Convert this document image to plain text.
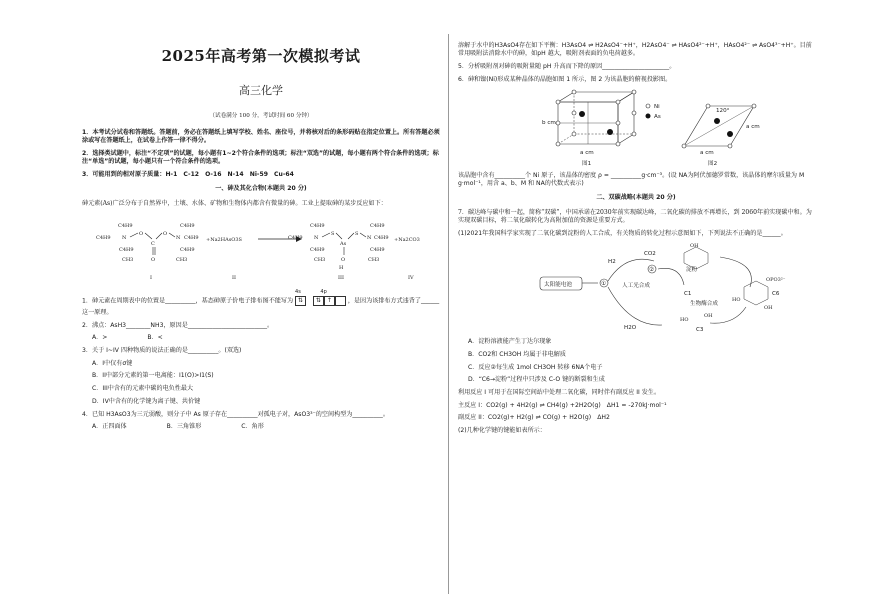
2025年高考第一次模拟考试
高三化学
（试卷满分 100 分，考试时间 60 分钟）
1．本考试分试卷和答题纸。答题前，务必在答题纸上填写学校、姓名、座位号，并将核对后的条形码贴在指定位置上。所有答题必须涂或写在答题纸上，在试卷上作答一律不得分。
2．选择类试题中，标注“不定项”的试题，每小题有1~2个符合条件的选项；标注“双选”的试题，每小题有两个符合条件的选项；标注“单选”的试题，每小题只有一个符合条件的选项。
3．可能用到的相对原子质量：H-1　C-12　O-16　N-14　Ni-59　Cu-64
一、砷及其化合物(本题共 20 分)
砷元素(As)广泛分布于自然界中，土壤、水体、矿物和生物体内都含有微量的砷。工业上提取砷的某步反应如下：
C4H9
C4H9 N
C4H9
CH3
O
C
O
O
N
C4H9
C4H9
C4H9
CH3
I
+Na2HAsO3S
II
C4H9
C4H9 N
C4H9
CH3
S
As
O
H
S
N
C4H9
C4H9
C4H9
CH3
III
+Na2CO3
IV
1．砷元素在周期表中的位置是__________，基态砷原子价电子排布图不能写为
4s	4p
⇅ ⇅ ↑	，是因为该排布方式违背了______这一原理。
2．沸点：AsH3________NH3，原因是__________________________。
A．>	B．<
3．关于 I~IV 四种物质的说法正确的是__________。(双选)
A．I中仅有σ键
B．II中部分元素的第一电离能：I1(O)>I1(S)
C．III中含有的元素中碳的电负性最大
D．IV中含有的化学键为离子键、共价键
4．已知 H3AsO3为三元弱酸，则分子中 As 原子存在__________对孤电子对，AsO3³⁻的空间构型为__________。
A．正四面体	B．三角锥形	C．角形
溶解于水中的H3AsO4存在如下平衡：H3AsO4 ⇌ H2AsO4⁻+H⁺，H2AsO4⁻ ⇌ HAsO4²⁻+H⁺，HAsO4²⁻ ⇌ AsO4³⁻+H⁺。目前常用吸附法消除水中的砷，如pH 越大，吸附剂表面的负电荷越多。
5．分析吸附剂对砷的吸附量随 pH 升高而下降的原因______________________。
6．砷和镍(Ni)形成某种晶体的晶胞如图 1 所示，图 2 为该晶胞的俯视投影图。
b cm
a cm
图1
Ni
As
120°
a cm
a cm
图2
该晶胞中含有__________个 Ni 原子，该晶体的密度 ρ = __________g·cm⁻³。(设 NA为阿伏加德罗常数，该晶体的摩尔质量为 M g·mol⁻¹，用含 a、b、M 和 NA的代数式表示)
二、双碳战略(本题共 20 分)
7．碳达峰与碳中和一起，简称“双碳”，中国承诺在2030年前实现碳达峰，二氧化碳的排放不再增长，到 2060年前实现碳中和。为实现双碳目标，将二氧化碳转化为高附加值的资源是重要方式。
(1)2021年我国科学家实现了二氧化碳到淀粉的人工合成，有关物质的转化过程示意图如下，下列说法不正确的是______。
太阳能电池	①
H2
CO2
②
人工光合成
H2O
C1
淀粉
OH
生物酶合成
OPO3²⁻
HO
OH
C6
HO
OH
C3
A．淀粉溶液能产生丁达尔现象
B．CO2和 CH3OH 均属于非电解质
C．反应②每生成 1mol CH3OH 转移 6NA个电子
D．“C6→淀粉”过程中只涉及 C-O 键的断裂和生成
利用反应 I 可用于在国际空间站中处理二氧化碳，同时伴有副反应 II 发生。
主反应 I：CO2(g) + 4H2(g) ⇌ CH4(g) +2H2O(g)　ΔH1 = -270kJ·mol⁻¹
副反应 II：CO2(g)+ H2(g) ⇌ CO(g) + H2O(g)　ΔH2
(2)几种化学键的键能如表所示：
